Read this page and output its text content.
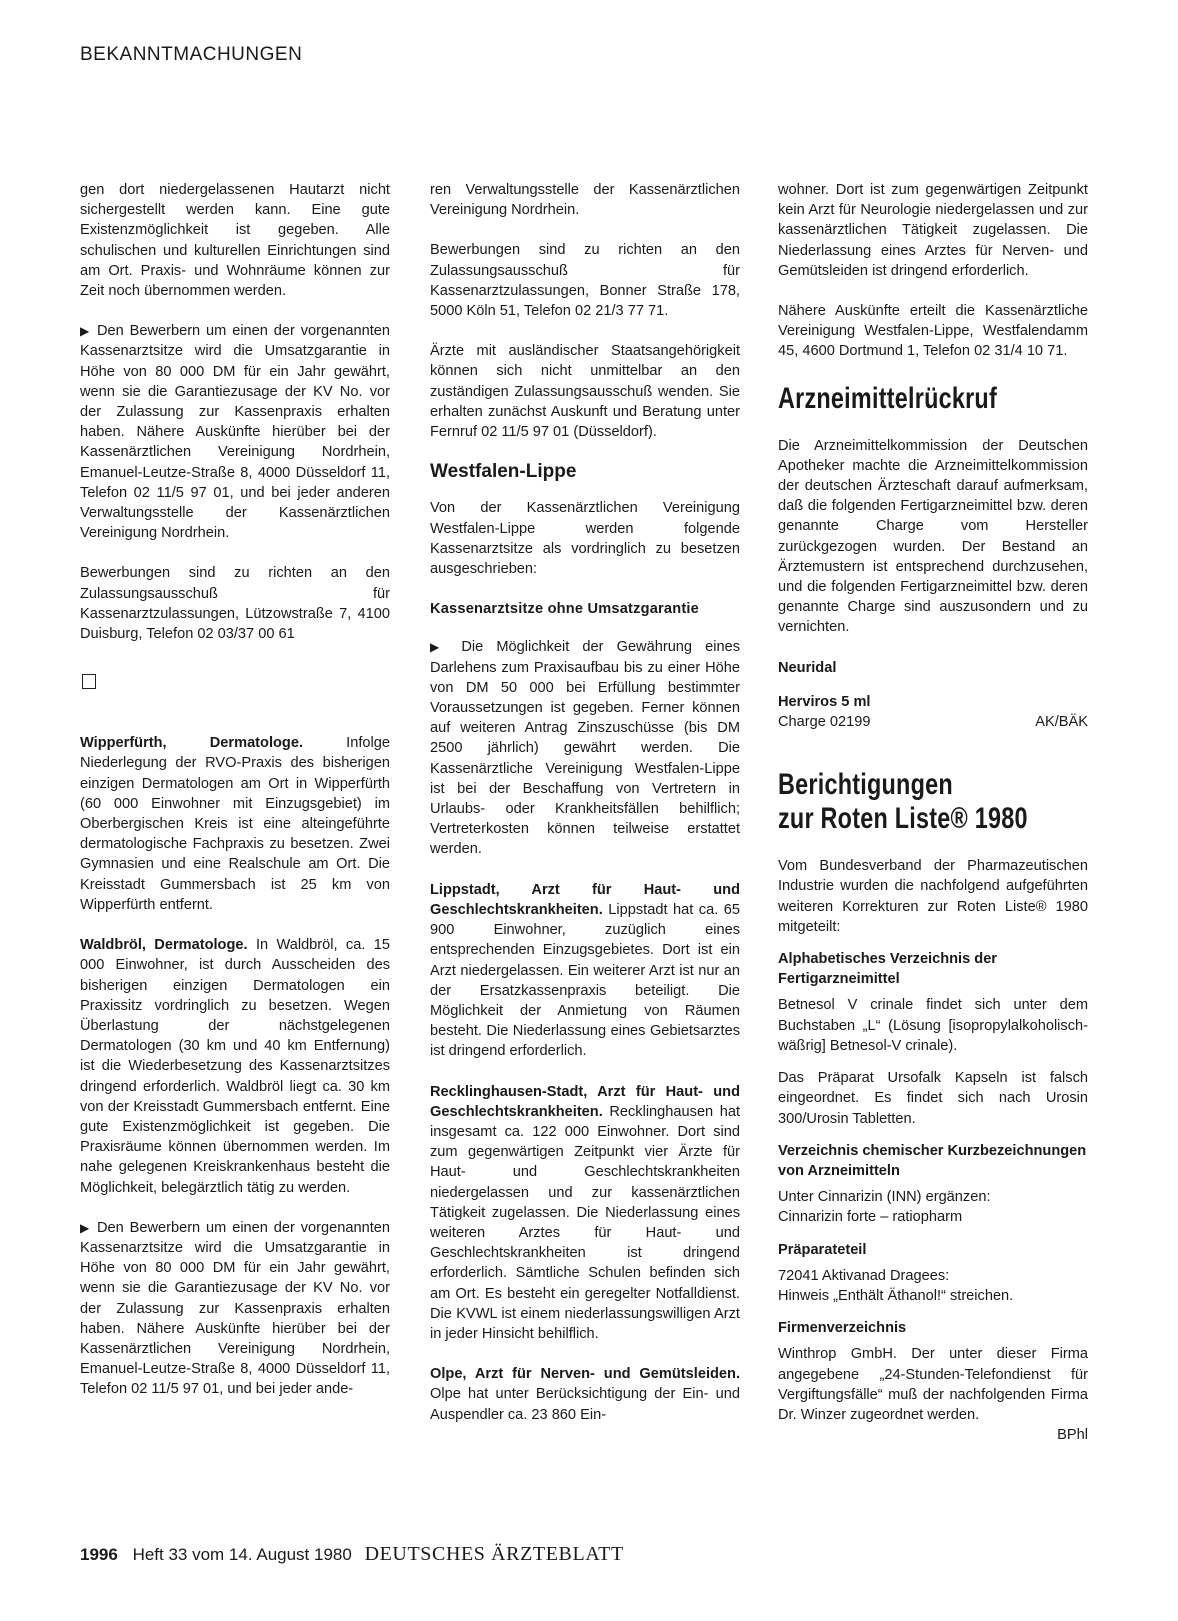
BEKANNTMACHUNGEN

gen dort niedergelassenen Hautarzt nicht sichergestellt werden kann. Eine gute Existenzmöglichkeit ist gegeben. Alle schulischen und kulturellen Einrichtungen sind am Ort. Praxis- und Wohnräume können zur Zeit noch übernommen werden.

▶ Den Bewerbern um einen der vorgenannten Kassenarztsitze wird die Umsatzgarantie in Höhe von 80 000 DM für ein Jahr gewährt, wenn sie die Garantiezusage der KV No. vor der Zulassung zur Kassenpraxis erhalten haben. Nähere Auskünfte hierüber bei der Kassenärztlichen Vereinigung Nordrhein, Emanuel-Leutze-Straße 8, 4000 Düsseldorf 11, Telefon 02 11/5 97 01, und bei jeder anderen Verwaltungsstelle der Kassenärztlichen Vereinigung Nordrhein.

Bewerbungen sind zu richten an den Zulassungsausschuß für Kassenarztzulassungen, Lützowstraße 7, 4100 Duisburg, Telefon 02 03/37 00 61

Wipperfürth, Dermatologe.	Infolge Niederlegung der RVO-Praxis des bisherigen einzigen Dermatologen am Ort in Wipperfürth (60 000 Einwohner mit Einzugsgebiet) im Oberbergischen Kreis ist eine alteingeführte dermatologische Fachpraxis zu besetzen. Zwei Gymnasien und eine Realschule am Ort. Die Kreisstadt Gummersbach ist 25 km von Wipperfürth entfernt.

Waldbröl, Dermatologe. In Waldbröl, ca. 15 000 Einwohner, ist durch Ausscheiden des bisherigen einzigen Dermatologen ein Praxissitz vordringlich zu besetzen. Wegen Überlastung der nächstgelegenen Dermatologen (30 km und 40 km Entfernung) ist die Wiederbesetzung des Kassenarztsitzes dringend erforderlich. Waldbröl liegt ca. 30 km von der Kreisstadt Gummersbach entfernt. Eine gute Existenzmöglichkeit ist gegeben. Die Praxisräume können übernommen werden. Im nahe gelegenen Kreiskrankenhaus besteht die Möglichkeit, belegärztlich tätig zu werden.

▶ Den Bewerbern um einen der vorgenannten Kassenarztsitze wird die Umsatzgarantie in Höhe von 80 000 DM für ein Jahr gewährt, wenn sie die Garantiezusage der KV No. vor der Zulassung zur Kassenpraxis erhalten haben. Nähere Auskünfte hierüber bei der Kassenärztlichen Vereinigung Nordrhein, Emanuel-Leutze-Straße 8, 4000 Düsseldorf 11, Telefon 02 11/5 97 01, und bei jeder ande-

ren Verwaltungsstelle der Kassenärztlichen Vereinigung Nordrhein.

Bewerbungen sind zu richten an den Zulassungsausschuß für Kassenarztzulassungen, Bonner Straße 178, 5000 Köln 51, Telefon 02 21/3 77 71.

Ärzte mit ausländischer Staatsangehörigkeit können sich nicht unmittelbar an den zuständigen Zulassungsausschuß wenden. Sie erhalten zunächst Auskunft und Beratung unter Fernruf 02 11/5 97 01 (Düsseldorf).

Westfalen-Lippe

Von der Kassenärztlichen Vereinigung Westfalen-Lippe werden folgende Kassenarztsitze als vordringlich zu besetzen ausgeschrieben:

Kassenarztsitze ohne Umsatzgarantie

▶ Die Möglichkeit der Gewährung eines Darlehens zum Praxisaufbau bis zu einer Höhe von DM 50 000 bei Erfüllung bestimmter Voraussetzungen ist gegeben. Ferner können auf weiteren Antrag Zinszuschüsse (bis DM 2500 jährlich) gewährt werden. Die Kassenärztliche Vereinigung Westfalen-Lippe ist bei der Beschaffung von Vertretern in Urlaubs- oder Krankheitsfällen behilflich; Vertreterkosten können teilweise erstattet werden.

Lippstadt, Arzt für Haut- und Geschlechtskrankheiten. Lippstadt hat ca. 65 900 Einwohner, zuzüglich eines entsprechenden Einzugsgebietes. Dort ist ein Arzt niedergelassen. Ein weiterer Arzt ist nur an der Ersatzkassenpraxis beteiligt. Die Möglichkeit der Anmietung von Räumen besteht. Die Niederlassung eines Gebietsarztes ist dringend erforderlich.

Recklinghausen-Stadt, Arzt für Haut- und Geschlechtskrankheiten. Recklinghausen hat insgesamt ca. 122 000 Einwohner. Dort sind zum gegenwärtigen Zeitpunkt vier Ärzte für Haut- und Geschlechtskrankheiten niedergelassen und zur kassenärztlichen Tätigkeit zugelassen. Die Niederlassung eines weiteren Arztes für Haut- und Geschlechtskrankheiten ist dringend erforderlich. Sämtliche Schulen befinden sich am Ort. Es besteht ein geregelter Notfalldienst. Die KVWL ist einem niederlassungswilligen Arzt in jeder Hinsicht behilflich.

Olpe, Arzt für Nerven- und Gemütsleiden. Olpe hat unter Berücksichtigung der Ein- und Auspendler ca. 23 860 Ein-

wohner. Dort ist zum gegenwärtigen Zeitpunkt kein Arzt für Neurologie niedergelassen und zur kassenärztlichen Tätigkeit zugelassen. Die Niederlassung eines Arztes für Nerven- und Gemütsleiden ist dringend erforderlich.

Nähere Auskünfte erteilt die Kassenärztliche Vereinigung Westfalen-Lippe, Westfalendamm 45, 4600 Dortmund 1, Telefon 02 31/4 10 71.

Arzneimittelrückruf

Die Arzneimittelkommission der Deutschen Apotheker machte die Arzneimittelkommission der deutschen Ärzteschaft darauf aufmerksam, daß die folgenden Fertigarzneimittel bzw. deren genannte Charge vom Hersteller zurückgezogen wurden. Der Bestand an Ärztemustern ist entsprechend durchzusehen, und die folgenden Fertigarzneimittel bzw. deren genannte Charge sind auszusondern und zu vernichten.

Neuridal
Herviros 5 ml
Charge 02199	AK/BÄK
Berichtigungen
zur Roten Liste® 1980

Vom Bundesverband der Pharmazeutischen Industrie wurden die nachfolgend aufgeführten weiteren Korrekturen zur Roten Liste® 1980 mitgeteilt:

Alphabetisches Verzeichnis der Fertigarzneimittel

Betnesol V crinale findet sich unter dem Buchstaben „L“ (Lösung [isopropylalkoholisch-wäßrig] Betnesol-V crinale).

Das Präparat Ursofalk Kapseln ist falsch eingeordnet. Es findet sich nach Urosin 300/Urosin Tabletten.

Verzeichnis chemischer Kurzbezeichnungen von Arzneimitteln
Unter Cinnarizin (INN) ergänzen:
Cinnarizin forte – ratiopharm
Präparateteil
72041 Aktivanad Dragees:
Hinweis „Enthält Äthanol!“ streichen.
Firmenverzeichnis

Winthrop GmbH. Der unter dieser Firma angegebene „24-Stunden-Telefondienst für Vergiftungsfälle“ muß der nachfolgenden Firma Dr. Winzer zugeordnet werden.

BPhl
1996 Heft 33 vom 14. August 1980 DEUTSCHES ÄRZTEBLATT
